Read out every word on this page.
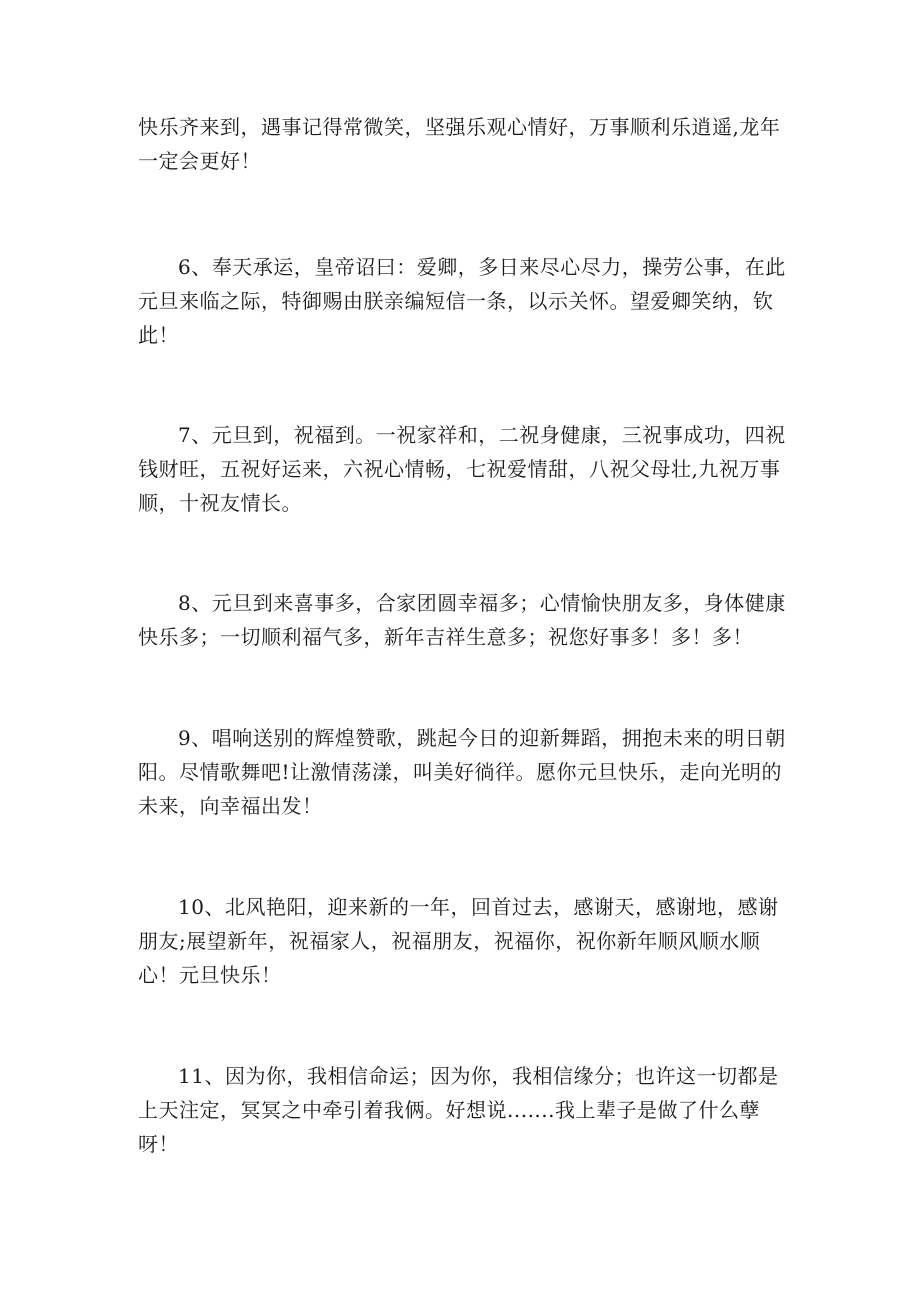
快乐齐来到，遇事记得常微笑，坚强乐观心情好，万事顺利乐逍遥,龙年一定会更好！

6、奉天承运，皇帝诏曰：爱卿，多日来尽心尽力，操劳公事，在此元旦来临之际，特御赐由朕亲编短信一条，以示关怀。望爱卿笑纳，钦此！

7、元旦到，祝福到。一祝家祥和，二祝身健康，三祝事成功，四祝钱财旺，五祝好运来，六祝心情畅，七祝爱情甜，八祝父母壮,九祝万事顺，十祝友情长。

8、元旦到来喜事多，合家团圆幸福多；心情愉快朋友多，身体健康快乐多；一切顺利福气多，新年吉祥生意多；祝您好事多！多！多！

9、唱响送别的辉煌赞歌，跳起今日的迎新舞蹈，拥抱未来的明日朝阳。尽情歌舞吧!让激情荡漾，叫美好徜徉。愿你元旦快乐，走向光明的未来，向幸福出发！

10、北风艳阳，迎来新的一年，回首过去，感谢天，感谢地，感谢朋友;展望新年，祝福家人，祝福朋友，祝福你，祝你新年顺风顺水顺心！元旦快乐！

11、因为你，我相信命运；因为你，我相信缘分；也许这一切都是上天注定，冥冥之中牵引着我俩。好想说.......我上辈子是做了什么孽呀！
